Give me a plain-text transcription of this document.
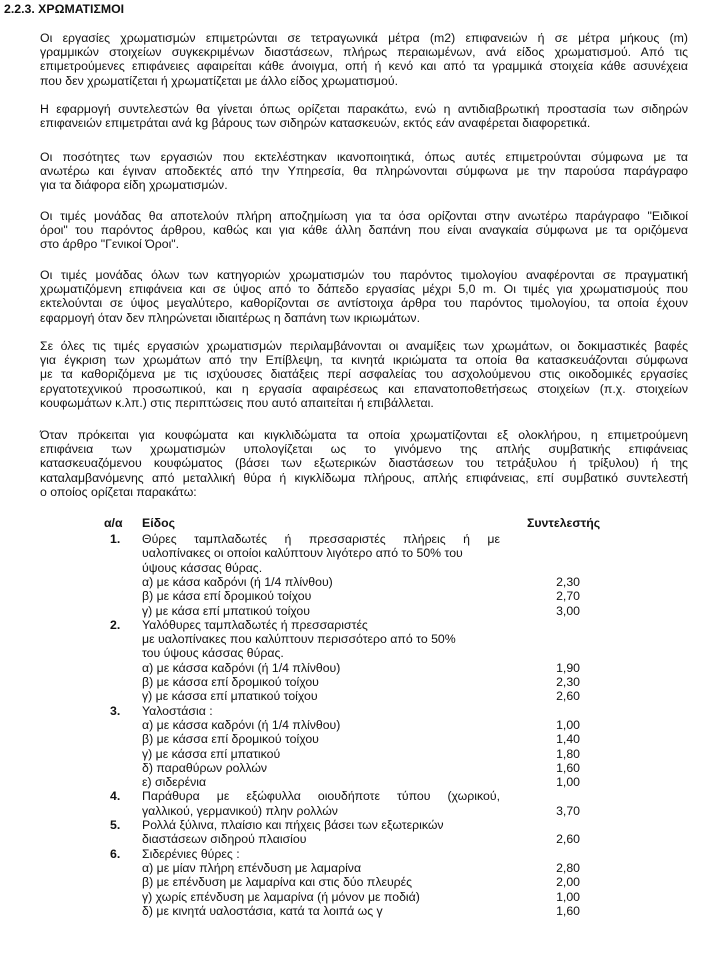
2.2.3. ΧΡΩΜΑΤΙΣΜΟΙ
Οι εργασίες χρωματισμών επιμετρώνται σε τετραγωνικά μέτρα (m2) επιφανειών ή σε μέτρα μήκους (m)
γραμμικών στοιχείων συγκεκριμένων διαστάσεων, πλήρως περαιωμένων, ανά είδος χρωματισμού. Από τις
επιμετρούμενες επιφάνειες αφαιρείται κάθε άνοιγμα, οπή ή κενό και από τα γραμμικά στοιχεία κάθε ασυνέχεια
που δεν χρωματίζεται ή χρωματίζεται με άλλο είδος χρωματισμού.
Η εφαρμογή συντελεστών θα γίνεται όπως ορίζεται παρακάτω, ενώ η αντιδιαβρωτική προστασία των σιδηρών
επιφανειών επιμετράται ανά kg βάρους των σιδηρών κατασκευών, εκτός εάν αναφέρεται διαφορετικά.
Οι ποσότητες των εργασιών που εκτελέστηκαν ικανοποιητικά, όπως αυτές επιμετρούνται σύμφωνα με τα
ανωτέρω και έγιναν αποδεκτές από την Υπηρεσία, θα πληρώνονται σύμφωνα με την παρούσα παράγραφο
για τα διάφορα είδη χρωματισμών.
Οι τιμές μονάδας θα αποτελούν πλήρη αποζημίωση για τα όσα ορίζονται στην ανωτέρω παράγραφο "Ειδικοί
όροι" του παρόντος άρθρου, καθώς και για κάθε άλλη δαπάνη που είναι αναγκαία σύμφωνα με τα οριζόμενα
στο άρθρο "Γενικοί Όροι".
Οι τιμές μονάδας όλων των κατηγοριών χρωματισμών του παρόντος τιμολογίου αναφέρονται σε πραγματική
χρωματιζόμενη επιφάνεια και σε ύψος από το δάπεδο εργασίας μέχρι 5,0 m. Οι τιμές για χρωματισμούς που
εκτελούνται σε ύψος μεγαλύτερο, καθορίζονται σε αντίστοιχα άρθρα του παρόντος τιμολογίου, τα οποία έχουν
εφαρμογή όταν δεν πληρώνεται ιδιαιτέρως η δαπάνη των ικριωμάτων.
Σε όλες τις τιμές εργασιών χρωματισμών περιλαμβάνονται οι αναμίξεις των χρωμάτων, οι δοκιμαστικές βαφές
για έγκριση των χρωμάτων από την Επίβλεψη, τα κινητά ικριώματα τα οποία θα κατασκευάζονται σύμφωνα
με τα καθοριζόμενα με τις ισχύουσες διατάξεις περί ασφαλείας του ασχολούμενου στις οικοδομικές εργασίες
εργατοτεχνικού προσωπικού, και η εργασία αφαιρέσεως και επανατοποθετήσεως στοιχείων (π.χ. στοιχείων
κουφωμάτων κ.λπ.) στις περιπτώσεις που αυτό απαιτείται ή επιβάλλεται.
Όταν πρόκειται για κουφώματα και κιγκλιδώματα τα οποία χρωματίζονται εξ ολοκλήρου, η επιμετρούμενη
επιφάνεια των χρωματισμών υπολογίζεται ως το γινόμενο της απλής συμβατικής επιφάνειας
κατασκευαζόμενου κουφώματος (βάσει των εξωτερικών διαστάσεων του τετράξυλου ή τρίξυλου) ή της
καταλαμβανόμενης από μεταλλική θύρα ή κιγκλίδωμα πλήρους, απλής επιφάνειας, επί συμβατικό συντελεστή
ο οποίος ορίζεται παρακάτω:
α/α Είδος	Συντελεστής
1.	Θύρες ταμπλαδωτές ή πρεσσαριστές πλήρεις ή με
υαλοπίνακες οι οποίοι καλύπτουν λιγότερο από το 50% του
ύψους κάσσας θύρας.
α) με κάσα καδρόνι (ή 1/4 πλίνθου)	2,30
β) με κάσα επί δρομικού τοίχου	2,70
γ) με κάσα επί μπατικού τοίχου	3,00
2.	Υαλόθυρες ταμπλαδωτές ή πρεσσαριστές
με υαλοπίνακες που καλύπτουν περισσότερο από το 50%
του ύψους κάσσας θύρας.
α) με κάσσα καδρόνι (ή 1/4 πλίνθου)	1,90
β) με κάσσα επί δρομικού τοίχου	2,30
γ) με κάσσα επί μπατικού τοίχου	2,60
3.	Υαλοστάσια :
α) με κάσσα καδρόνι (ή 1/4 πλίνθου)	1,00
β) με κάσσα επί δρομικού τοίχου	1,40
γ) με κάσσα επί μπατικού	1,80
δ) παραθύρων ρολλών	1,60
ε) σιδερένια	1,00
4.	Παράθυρα με εξώφυλλα οιουδήποτε τύπου (χωρικού,
γαλλικού, γερμανικού) πλην ρολλών	3,70
5.	Ρολλά ξύλινα, πλαίσιο και πήχεις βάσει των εξωτερικών
διαστάσεων σιδηρού πλαισίου	2,60
6.	Σιδερένιες θύρες :
α) με μίαν πλήρη επένδυση με λαμαρίνα	2,80
β) με επένδυση με λαμαρίνα και στις δύο πλευρές	2,00
γ) χωρίς επένδυση με λαμαρίνα (ή μόνον με ποδιά)	1,00
δ) με κινητά υαλοστάσια, κατά τα λοιπά ως γ	1,60
